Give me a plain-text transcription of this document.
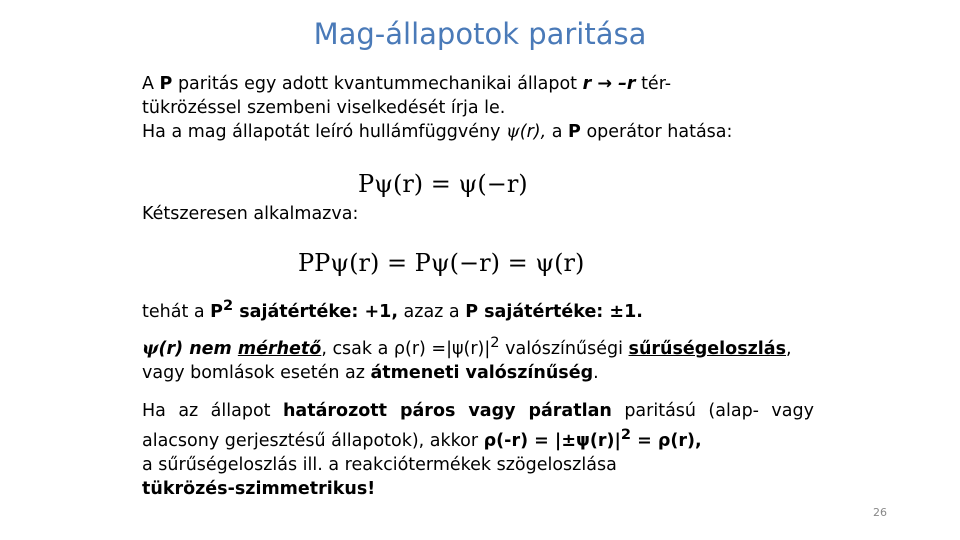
Mag-állapotok paritása
A P paritás egy adott kvantummechanikai állapot r → –r tér-
tükrözéssel szembeni viselkedését írja le.
Ha a mag állapotát leíró hullámfüggvény ψ(r), a P operátor hatása:
Pψ(r) = ψ(−r)
Kétszeresen alkalmazva:
PPψ(r) = Pψ(−r) = ψ(r)
tehát a $P^2$ sajátértéke: +1, azaz a P sajátértéke: ±1.
ψ(r) nem mérhető, csak a $\rho(r) =|\psi(r)|^2$ valószínűségi sűrűségeloszlás,
vagy bomlások esetén az átmeneti valószínűség.
Ha az állapot határozott páros vagy páratlan paritású (alap- vagy
alacsony gerjesztésű állapotok), akkor $\rho(-r) = |\pm\psi(r)|^2 = \rho(r)$,
a sűrűségeloszlás ill. a reakciótermékek szögeloszlása
tükrözés-szimmetrikus!
26
